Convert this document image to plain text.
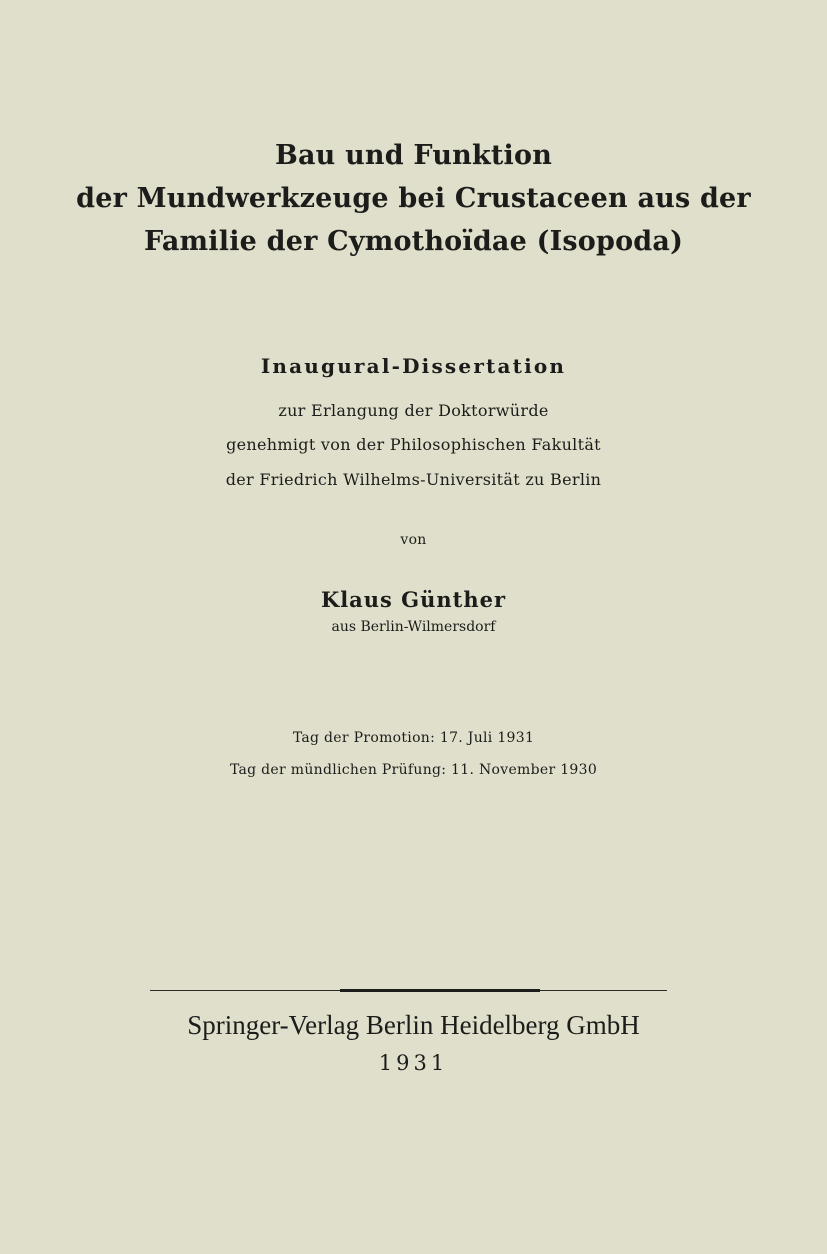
Bau und Funktion
der Mundwerkzeuge bei Crustaceen aus der
Familie der Cymothoïdae (Isopoda)
Inaugural-Dissertation
zur Erlangung der Doktorwürde
genehmigt von der Philosophischen Fakultät
der Friedrich Wilhelms-Universität zu Berlin
von
Klaus Günther
aus Berlin-Wilmersdorf
Tag der Promotion: 17. Juli 1931
Tag der mündlichen Prüfung: 11. November 1930
Springer-Verlag Berlin Heidelberg GmbH
1931
